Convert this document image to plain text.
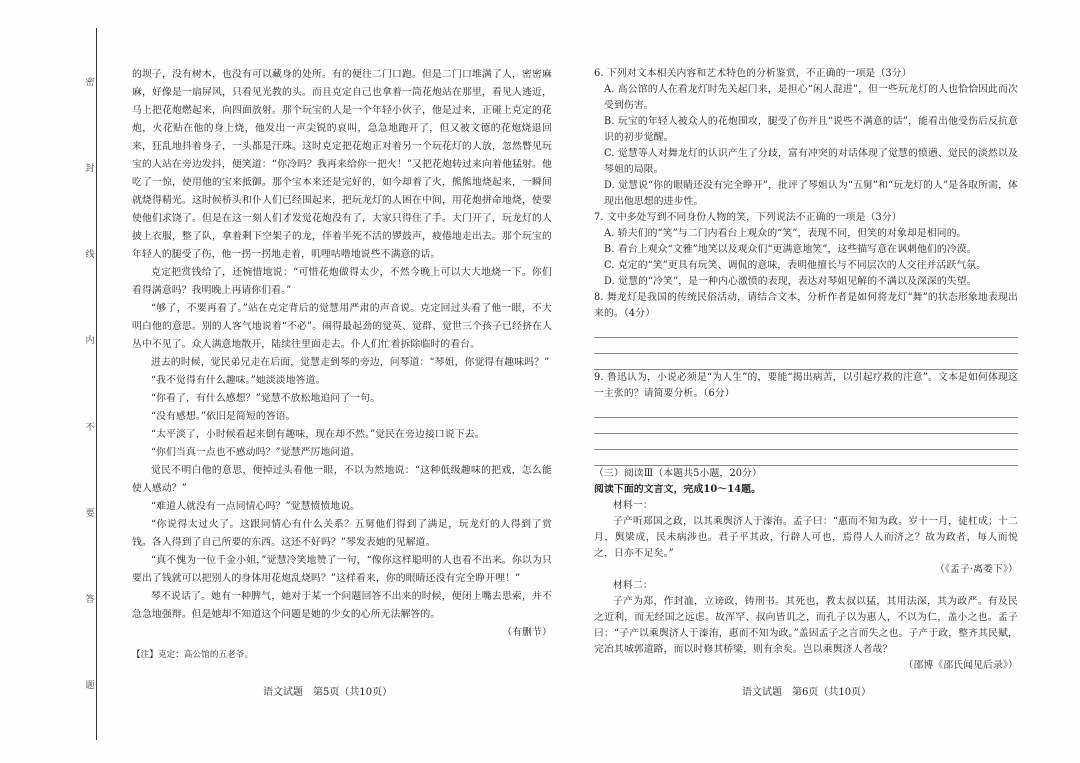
密
封
线
内
不
要
答
题

的坝子，没有树木，也没有可以藏身的处所。有的便往二门口跑。但是二门口堆满了人，密密麻麻，好像是一扇屏风，只看见光教的头。而且克定自己也拿着一筒花炮站在那里，看见人逃近，马上把花炮燃起来，向四面放射。那个玩宝的人是一个年轻小伙子，他是过来，正碰上克定的花炮，火花贴在他的身上烧，他发出一声尖锐的哀叫，急急地跑开了，但又被文德的花炮烧退回来，狂乱地抖着身子，一头都是汗珠。这时克定把花炮正对着另一个玩花灯的人放，忽然瞥见玩宝的人站在旁边发抖，便笑道：“你冷吗？我再来给你一把火！”又把花炮转过来向着他猛射。他吃了一惊，使用他的宝来抵御。那个宝本来还是完好的，如今却着了火，熊熊地烧起来，一瞬间就烧得精光。这时候桥头和仆人们已经围起来，把玩龙灯的人困在中间，用花炮拼命地烧，使要使他们求饶了。但是在这一刻人们才发觉花炮没有了，大家只得住了手。大门开了，玩龙灯的人披上衣服，整了队，拿着剩下空架子的龙，伴着半死不活的锣鼓声，疲倦地走出去。那个玩宝的年轻人的腿受了伤，他一拐一拐地走着，叽哩咕噜地说些不满意的话。

克定把赏钱给了，还惋惜地说：“可惜花炮做得太少，不然今晚上可以大大地烧一下。你们看得满意吗？我明晚上再请你们看。”

“够了，不要再看了。”站在克定背后的觉慧用严肃的声音说。克定回过头看了他一眼，不大明白他的意思。别的人客气地说着“不必”。闹得最起劲的觉英、觉群、觉世三个孩子已经挤在人丛中不见了。众人满意地散开，陆续往里面走去。仆人们忙着拆除临时的看台。

进去的时候，觉民弟兄走在后面，觉慧走到琴的旁边，问琴道：“琴姐，你觉得有趣味吗？”

“我不觉得有什么趣味。”她淡淡地答道。

“你看了，有什么感想？”觉慧不放松地追问了一句。

“没有感想。”依旧是简短的答语。

“太平淡了，小时候看起来倒有趣味，现在却不然。”觉民在旁边接口说下去。

“你们当真一点也不感动吗？”觉慧严厉地问道。

觉民不明白他的意思，便掉过头看他一眼，不以为然地说：“这种低级趣味的把戏，怎么能使人感动？”

“难道人就没有一点同情心吗？”觉慧愤愤地说。

“你说得太过火了。这跟同情心有什么关系？五舅他们得到了满足，玩龙灯的人得到了赏钱。各人得到了自己所要的东西。这还不好吗？”琴发表她的见解道。

“真不愧为一位千金小姐，”觉慧冷笑地赞了一句，“像你这样聪明的人也看不出来。你以为只要出了钱就可以把别人的身体用花炮乱烧吗？”这样看来，你的眼睛还没有完全睁开哩！”

琴不说话了。她有一种脾气，她对于某一个问题回答不出来的时候，便闭上嘴去思索，并不急急地强辩。但是她却不知道这个问题是她的少女的心所无法解答的。

（有删节）

【注】克定：高公馆的五老爷。

6. 下列对文本相关内容和艺术特色的分析鉴赏，不正确的一项是（3分）

A. 高公馆的人在看龙灯时先关起门来，是担心“闲人混进”，但一些玩龙灯的人也恰恰因此而次受到伤害。

B. 玩宝的年轻人被众人的花炮围攻，腿受了伤并且“说些不满意的话”，能看出他受伤后反抗意识的初步觉醒。

C. 觉慧等人对舞龙灯的认识产生了分歧，富有冲突的对话体现了觉慧的愤懑、觉民的淡然以及琴姐的局限。

D. 觉慧说“你的眼睛还没有完全睁开”，批评了琴姐认为“五舅”和“玩龙灯的人”是各取所需，体现出他思想的进步性。

7. 文中多处写到不同身份人物的笑，下列说法不正确的一项是（3分）

A. 轿夫们的“笑”与二门内看台上观众的“笑”，表现不同，但笑的对象却是相同的。

B. 看台上观众“文雅”地笑以及观众们“更满意地笑”，这些描写意在讽刺他们的冷漠。

C. 克定的“笑”更具有玩笑、调侃的意味，表明他擅长与不同层次的人交往并活跃气氛。

D. 觉慧的“冷笑”，是一种内心激愤的表现，表达对琴姐见解的不满以及深深的失望。

8. 舞龙灯是我国的传统民俗活动，请结合文本，分析作者是如何将龙灯“舞”的状态形象地表现出来的。（4分）

9. 鲁迅认为，小说必须是“为人生”的，要能“揭出病苦，以引起疗救的注意”。文本是如何体现这一主张的？请简要分析。（6分）

（三）阅读Ⅲ（本题共5小题，20分）

阅读下面的文言文，完成10～14题。

材料一：

子产听郑国之政，以其乘舆济人于溱洧。孟子曰：“惠而不知为政。岁十一月，徒杠成；十二月，舆梁成，民未病涉也。君子平其政，行辟人可也，焉得人人而济之？故为政者，每人而悦之，日亦不足矣。”

（《孟子·离娄下》）

材料二：

子产为郑，作封洫，立谤政，铸刑书。其死也，教太叔以猛，其用法深，其为政严。有及民之近利，而无经国之远虑。故浑罕、叔向皆讥之，而孔子以为惠人，不以为仁，盖小之也。孟子曰：“子产以乘舆济人于溱洧，惠而不知为政。”盖因孟子之言而失之也。子产于政，整齐其民赋，完冶其城郭道路，而以时修其桥梁，则有余矣。岂以乘舆济人者哉？

（邵博《邵氏闻见后录》）

语文试题　第5页（共10页）	语文试题　第6页（共10页）
